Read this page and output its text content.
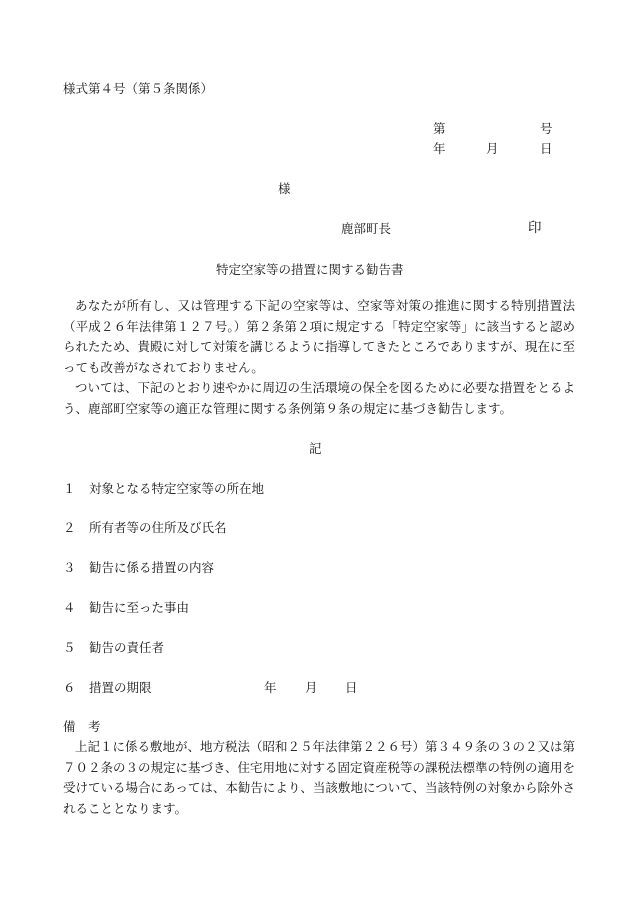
様式第４号（第５条関係）
第	号
年	月	日
様
鹿部町長	印
特定空家等の措置に関する勧告書

あなたが所有し、又は管理する下記の空家等は、空家等対策の推進に関する特別措置法（平成２６年法律第１２７号。）第２条第２項に規定する「特定空家等」に該当すると認められたため、貴殿に対して対策を講じるように指導してきたところでありますが、現在に至っても改善がなされておりません。

ついては、下記のとおり速やかに周辺の生活環境の保全を図るために必要な措置をとるよう、鹿部町空家等の適正な管理に関する条例第９条の規定に基づき勧告します。

記
１ 対象となる特定空家等の所在地
２ 所有者等の住所及び氏名
３ 勧告に係る措置の内容
４ 勧告に至った事由
５ 勧告の責任者
６ 措置の期限	年 月 日
備　考

上記１に係る敷地が、地方税法（昭和２５年法律第２２６号）第３４９条の３の２又は第７０２条の３の規定に基づき、住宅用地に対する固定資産税等の課税法標準の特例の適用を受けている場合にあっては、本勧告により、当該敷地について、当該特例の対象から除外されることとなります。
